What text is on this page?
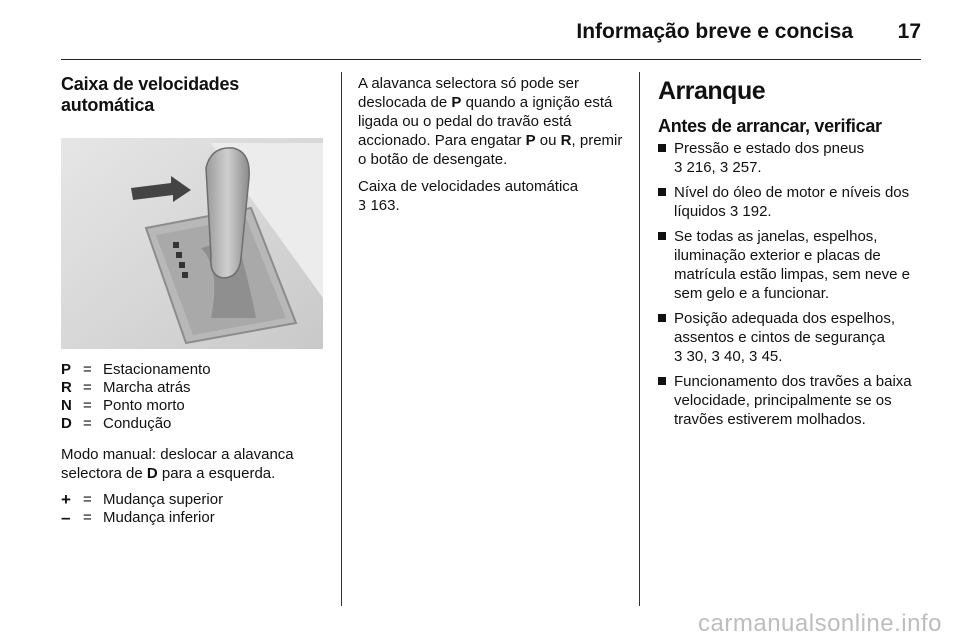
Informação breve e concisa 17
Caixa de velocidades automática
P = Estacionamento
R = Marcha atrás
N = Ponto morto
D = Condução

Modo manual: deslocar a alavanca selectora de D para a esquerda.

+ = Mudança superior
– = Mudança inferior

A alavanca selectora só pode ser deslocada de P quando a ignição está ligada ou o pedal do travão está accionado. Para engatar P ou R, premir o botão de desengate.

Caixa de velocidades automática
3 163.

Arranque
Antes de arrancar, verificar
Pressão e estado dos pneus
3 216, 3 257.
Nível do óleo de motor e níveis dos líquidos 3 192.
Se todas as janelas, espelhos, iluminação exterior e placas de matrícula estão limpas, sem neve e sem gelo e a funcionar.
Posição adequada dos espelhos, assentos e cintos de segurança
3 30, 3 40, 3 45.
Funcionamento dos travões a baixa velocidade, principalmente se os travões estiverem molhados.
carmanualsonline.info
